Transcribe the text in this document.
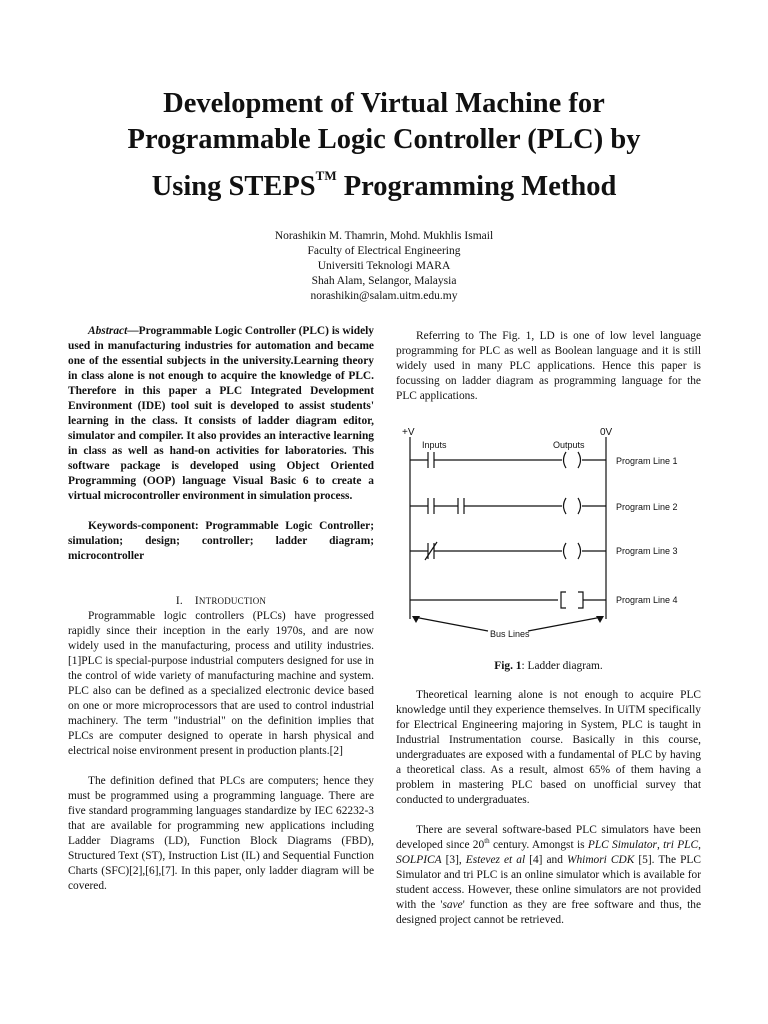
Development of Virtual Machine for
Programmable Logic Controller (PLC) by
Using STEPS™ Programming Method
Norashikin M. Thamrin, Mohd. Mukhlis Ismail
Faculty of Electrical Engineering
Universiti Teknologi MARA
Shah Alam, Selangor, Malaysia
norashikin@salam.uitm.edu.my

Abstract—Programmable Logic Controller (PLC) is widely used in manufacturing industries for automation and became one of the essential subjects in the university.Learning theory in class alone is not enough to acquire the knowledge of PLC. Therefore in this paper a PLC Integrated Development Environment (IDE) tool suit is developed to assist students' learning in the class. It consists of ladder diagram editor, simulator and compiler. It also provides an interactive learning in class as well as hand-on activities for laboratories. This software package is developed using Object Oriented Programming (OOP) language Visual Basic 6 to create a virtual microcontroller environment in simulation process.

Keywords-component: Programmable Logic Controller; simulation; design; controller; ladder diagram; microcontroller

I. INTRODUCTION

Programmable logic controllers (PLCs) have progressed rapidly since their inception in the early 1970s, and are now widely used in the manufacturing, process and utility industries.[1]PLC is special-purpose industrial computers designed for use in the control of wide variety of manufacturing machine and system. PLC also can be defined as a specialized electronic device based on one or more microprocessors that are used to control industrial machinery. The term "industrial" on the definition implies that PLCs are computer designed to operate in harsh physical and electrical noise environment present in production plants.[2]

The definition defined that PLCs are computers; hence they must be programmed using a programming language. There are five standard programming languages standardize by IEC 62232-3 that are available for programming new applications including Ladder Diagrams (LD), Function Block Diagrams (FBD), Structured Text (ST), Instruction List (IL) and Sequential Function Charts (SFC)[2],[6],[7]. In this paper, only ladder diagram will be covered.

Referring to The Fig. 1, LD is one of low level language programming for PLC as well as Boolean language and it is still widely used in many PLC applications. Hence this paper is focussing on ladder diagram as programming language for the PLC applications.

+V	0V
Inputs	Outputs
Program Line 1
Program Line 2
Program Line 3
Program Line 4
Bus Lines
Fig. 1: Ladder diagram.

Theoretical learning alone is not enough to acquire PLC knowledge until they experience themselves. In UiTM specifically for Electrical Engineering majoring in System, PLC is taught in Industrial Instrumentation course. Basically in this course, undergraduates are exposed with a fundamental of PLC by having a theoretical class. As a result, almost 65% of them having a problem in mastering PLC based on unofficial survey that conducted to undergraduates.

There are several software-based PLC simulators have been developed since 20th century. Amongst is PLC Simulator, tri PLC, SOLPICA [3], Estevez et al [4] and Whimori CDK [5]. The PLC Simulator and tri PLC is an online simulator which is available for student access. However, these online simulators are not provided with the 'save' function as they are free software and thus, the designed project cannot be retrieved.
